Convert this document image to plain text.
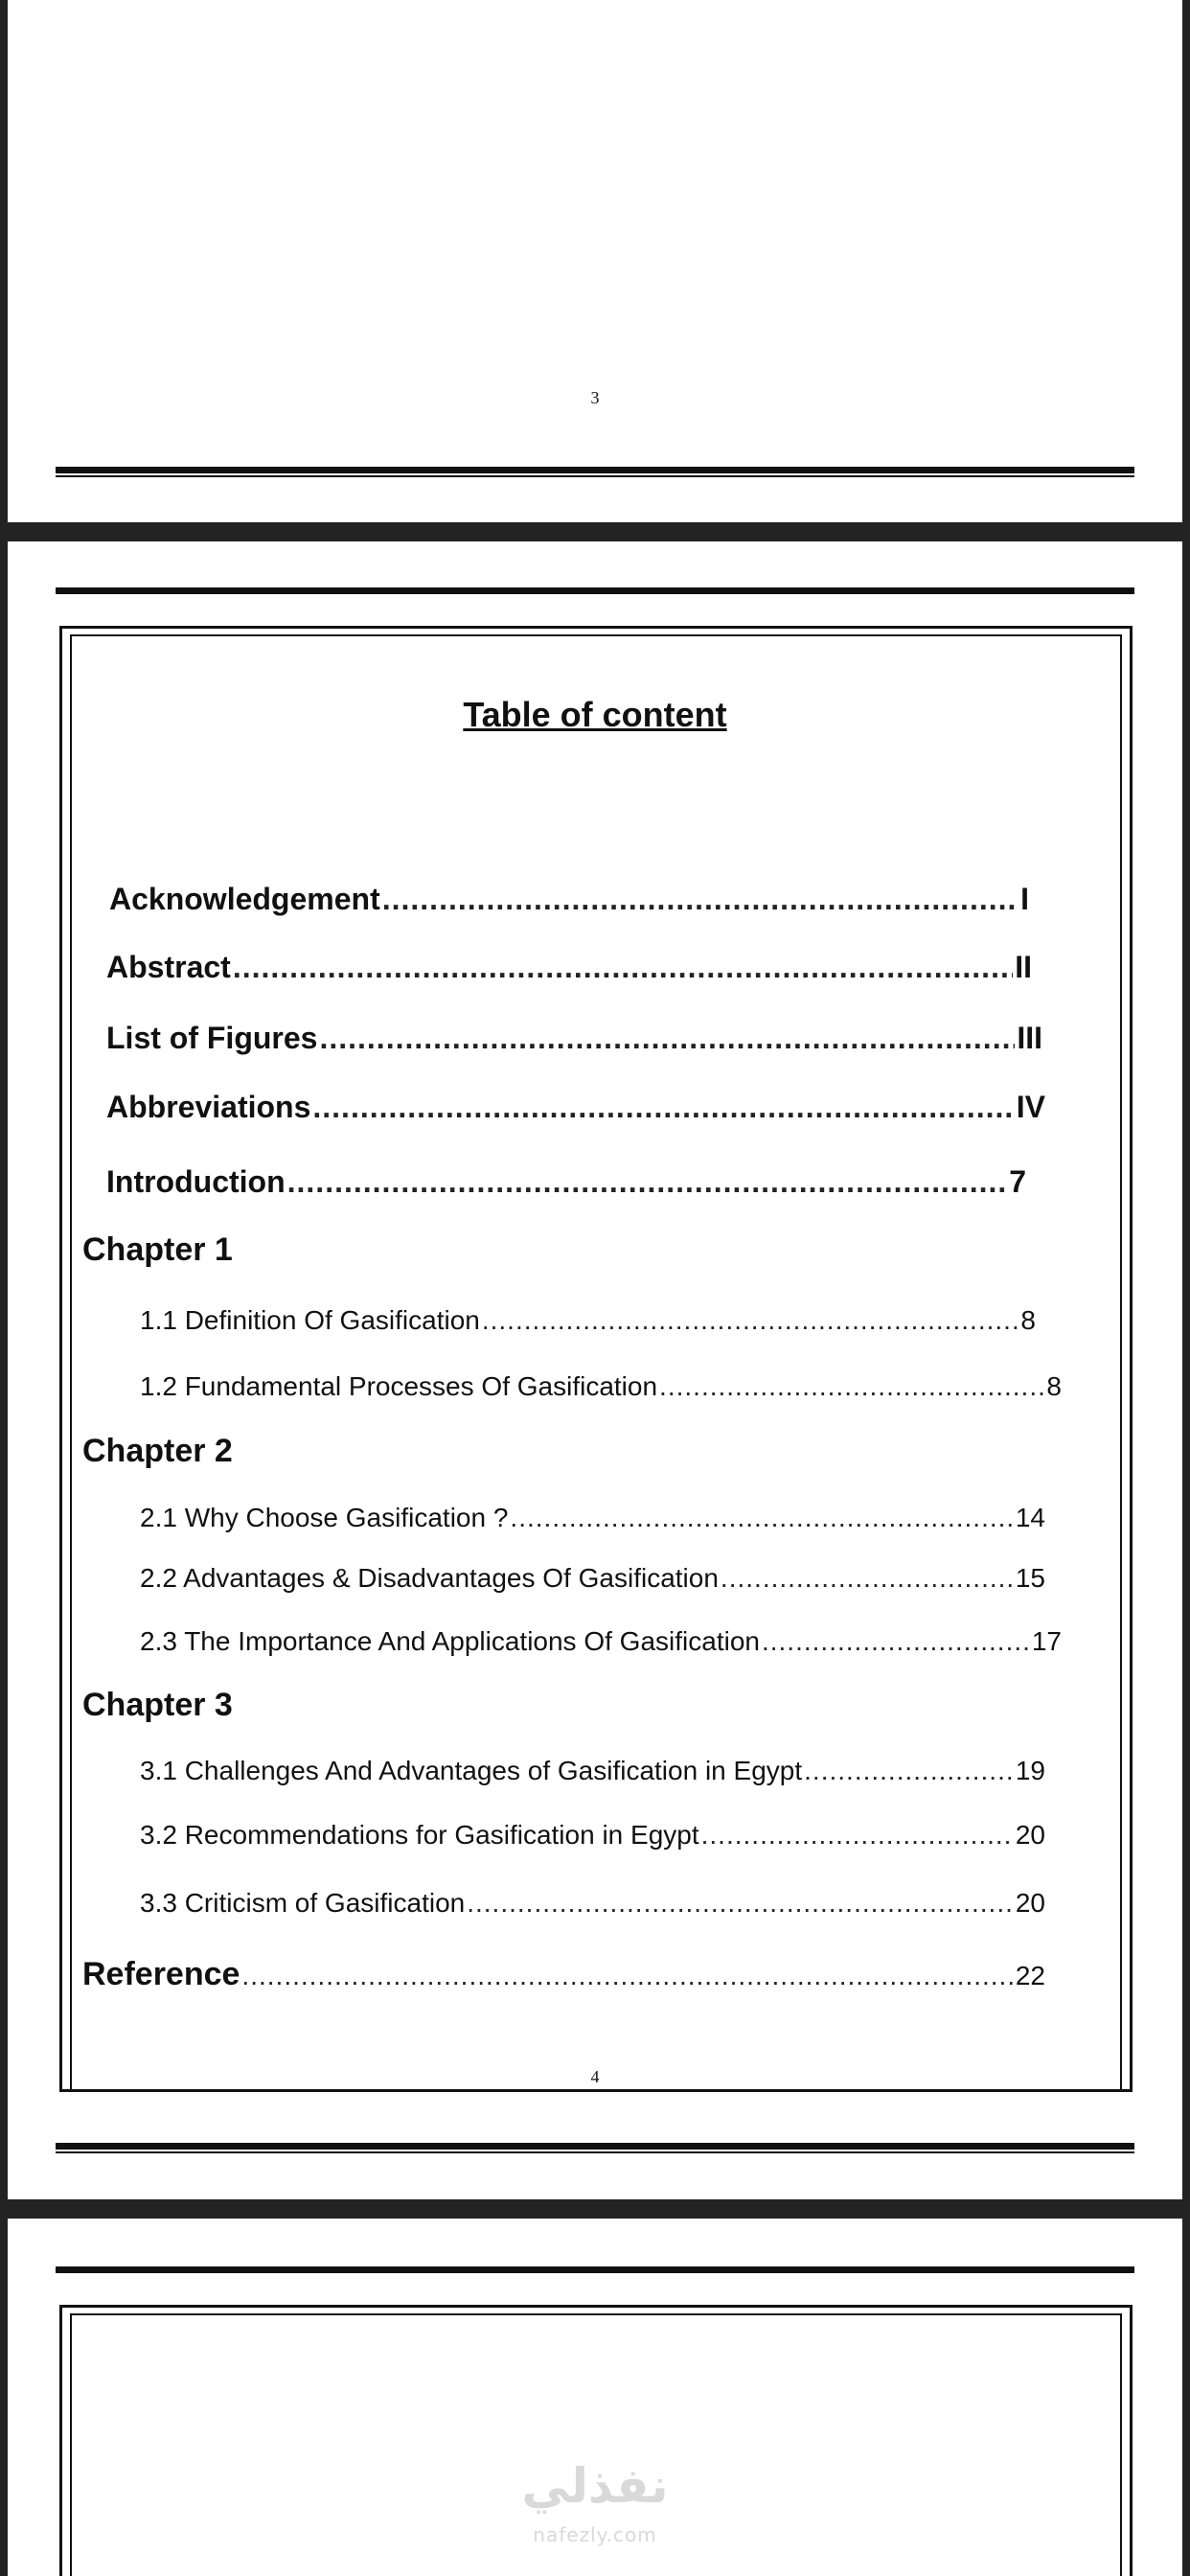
3
Table of content
Acknowledgement .....	I
Abstract .....	II
List of Figures .....	III
Abbreviations .....	IV
Introduction .....	7
Chapter 1
1.1 Definition Of Gasification .....	8
1.2 Fundamental Processes Of Gasification .....	8
Chapter 2
2.1 Why Choose Gasification ? .....	14
2.2 Advantages & Disadvantages Of Gasification .....	15
2.3 The Importance And Applications Of Gasification .....	17
Chapter 3
3.1 Challenges And Advantages of Gasification in Egypt .....	19
3.2 Recommendations for Gasification in Egypt .....	20
3.3 Criticism of Gasification .....	20
Reference .....	22
4
نفذلي
nafezly.com
